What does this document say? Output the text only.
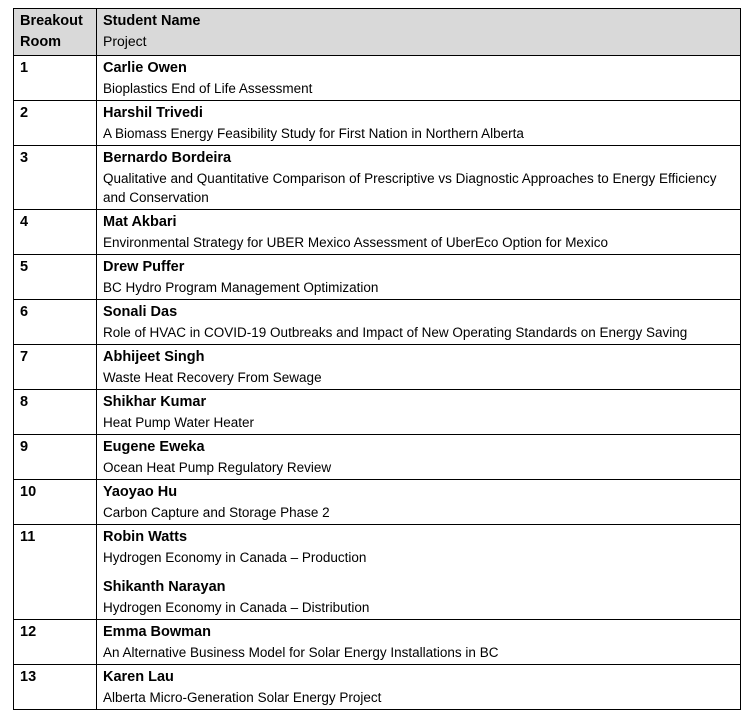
Breakout Room	Student Name
Project

1	Carlie Owen
Bioplastics End of Life Assessment

2	Harshil Trivedi
A Biomass Energy Feasibility Study for First Nation in Northern Alberta

3	Bernardo Bordeira
Qualitative and Quantitative Comparison of Prescriptive vs Diagnostic Approaches to Energy Efficiency and Conservation

4	Mat Akbari
Environmental Strategy for UBER Mexico Assessment of UberEco Option for Mexico

5	Drew Puffer
BC Hydro Program Management Optimization

6	Sonali Das
Role of HVAC in COVID-19 Outbreaks and Impact of New Operating Standards on Energy Saving

7	Abhijeet Singh
Waste Heat Recovery From Sewage

8	Shikhar Kumar
Heat Pump Water Heater

9	Eugene Eweka
Ocean Heat Pump Regulatory Review

10	Yaoyao Hu
Carbon Capture and Storage Phase 2

11	Robin Watts
Hydrogen Economy in Canada – Production
Shikanth Narayan
Hydrogen Economy in Canada – Distribution

12	Emma Bowman
An Alternative Business Model for Solar Energy Installations in BC

13	Karen Lau
Alberta Micro-Generation Solar Energy Project
